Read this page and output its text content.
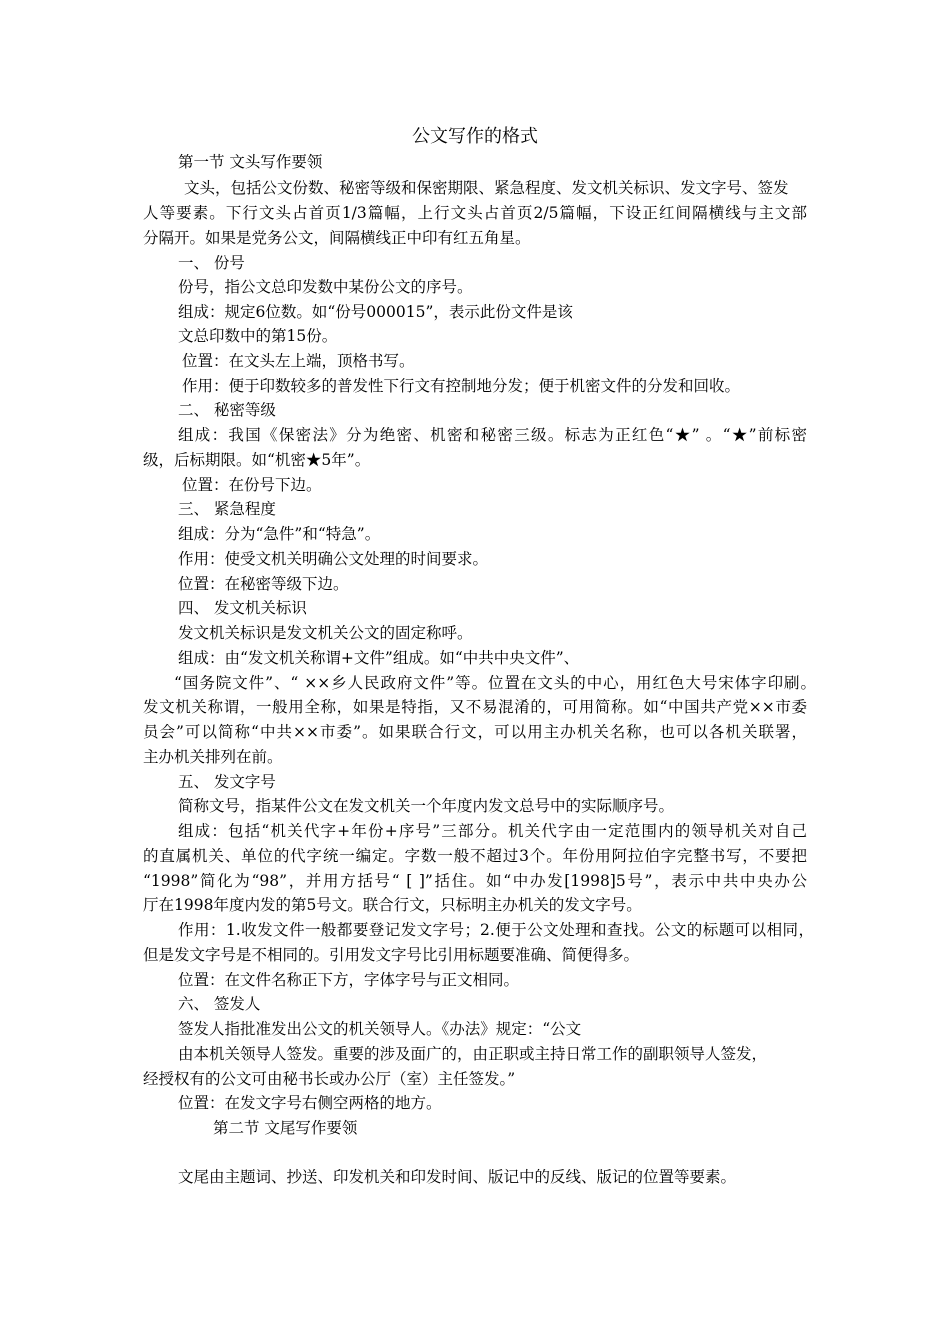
公文写作的格式
第一节 文头写作要领
文头，包括公文份数、秘密等级和保密期限、紧急程度、发文机关标识、发文字号、签发
人等要素。下行文头占首页1/3篇幅，上行文头占首页2/5篇幅，下设正红间隔横线与主文部
分隔开。如果是党务公文，间隔横线正中印有红五角星。
一、 份号
份号，指公文总印发数中某份公文的序号。
组成：规定6位数。如“份号000015”，表示此份文件是该
文总印数中的第15份。
位置：在文头左上端，顶格书写。
作用：便于印数较多的普发性下行文有控制地分发；便于机密文件的分发和回收。
二、 秘密等级
组成：我国《保密法》分为绝密、机密和秘密三级。标志为正红色“★” 。“★”前标密
级，后标期限。如“机密★5年”。
位置：在份号下边。
三、 紧急程度
组成：分为“急件”和“特急”。
作用：使受文机关明确公文处理的时间要求。
位置：在秘密等级下边。
四、 发文机关标识
发文机关标识是发文机关公文的固定称呼。
组成：由“发文机关称谓+文件”组成。如“中共中央文件”、
“国务院文件”、“ ××乡人民政府文件”等。位置在文头的中心，用红色大号宋体字印刷。
发文机关称谓，一般用全称，如果是特指，又不易混淆的，可用简称。如“中国共产党××市委
员会”可以简称“中共××市委”。如果联合行文，可以用主办机关名称，也可以各机关联署，
主办机关排列在前。
五、 发文字号
简称文号，指某件公文在发文机关一个年度内发文总号中的实际顺序号。
组成：包括“机关代字+年份+序号”三部分。机关代字由一定范围内的领导机关对自己
的直属机关、单位的代字统一编定。字数一般不超过3个。年份用阿拉伯字完整书写，不要把
“1998”简化为“98”，并用方括号“ [ ]”括住。如“中办发[1998]5号”，表示中共中央办公
厅在1998年度内发的第5号文。联合行文，只标明主办机关的发文字号。
作用：1.收发文件一般都要登记发文字号；2.便于公文处理和查找。公文的标题可以相同，
但是发文字号是不相同的。引用发文字号比引用标题要准确、简便得多。
位置：在文件名称正下方，字体字号与正文相同。
六、 签发人
签发人指批准发出公文的机关领导人。《办法》规定：“公文
由本机关领导人签发。重要的涉及面广的，由正职或主持日常工作的副职领导人签发，
经授权有的公文可由秘书长或办公厅（室）主任签发。”
位置：在发文字号右侧空两格的地方。
第二节 文尾写作要领
文尾由主题词、抄送、印发机关和印发时间、版记中的反线、版记的位置等要素。
